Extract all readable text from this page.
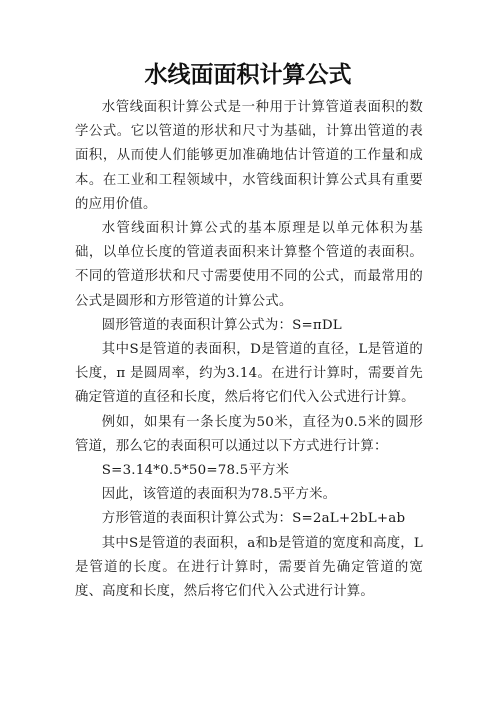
水线面面积计算公式

水管线面积计算公式是一种用于计算管道表面积的数学公式。它以管道的形状和尺寸为基础，计算出管道的表面积，从而使人们能够更加准确地估计管道的工作量和成本。在工业和工程领域中，水管线面积计算公式具有重要的应用价值。

水管线面积计算公式的基本原理是以单元体积为基础，以单位长度的管道表面积来计算整个管道的表面积。不同的管道形状和尺寸需要使用不同的公式，而最常用的公式是圆形和方形管道的计算公式。

圆形管道的表面积计算公式为：S=πDL

其中S是管道的表面积，D是管道的直径，L是管道的长度，π 是圆周率，约为3.14。在进行计算时，需要首先确定管道的直径和长度，然后将它们代入公式进行计算。

例如，如果有一条长度为50米，直径为0.5米的圆形管道，那么它的表面积可以通过以下方式进行计算：

S=3.14*0.5*50=78.5平方米

因此，该管道的表面积为78.5平方米。

方形管道的表面积计算公式为：S=2aL+2bL+ab

其中S是管道的表面积，a和b是管道的宽度和高度，L是管道的长度。在进行计算时，需要首先确定管道的宽度、高度和长度，然后将它们代入公式进行计算。
